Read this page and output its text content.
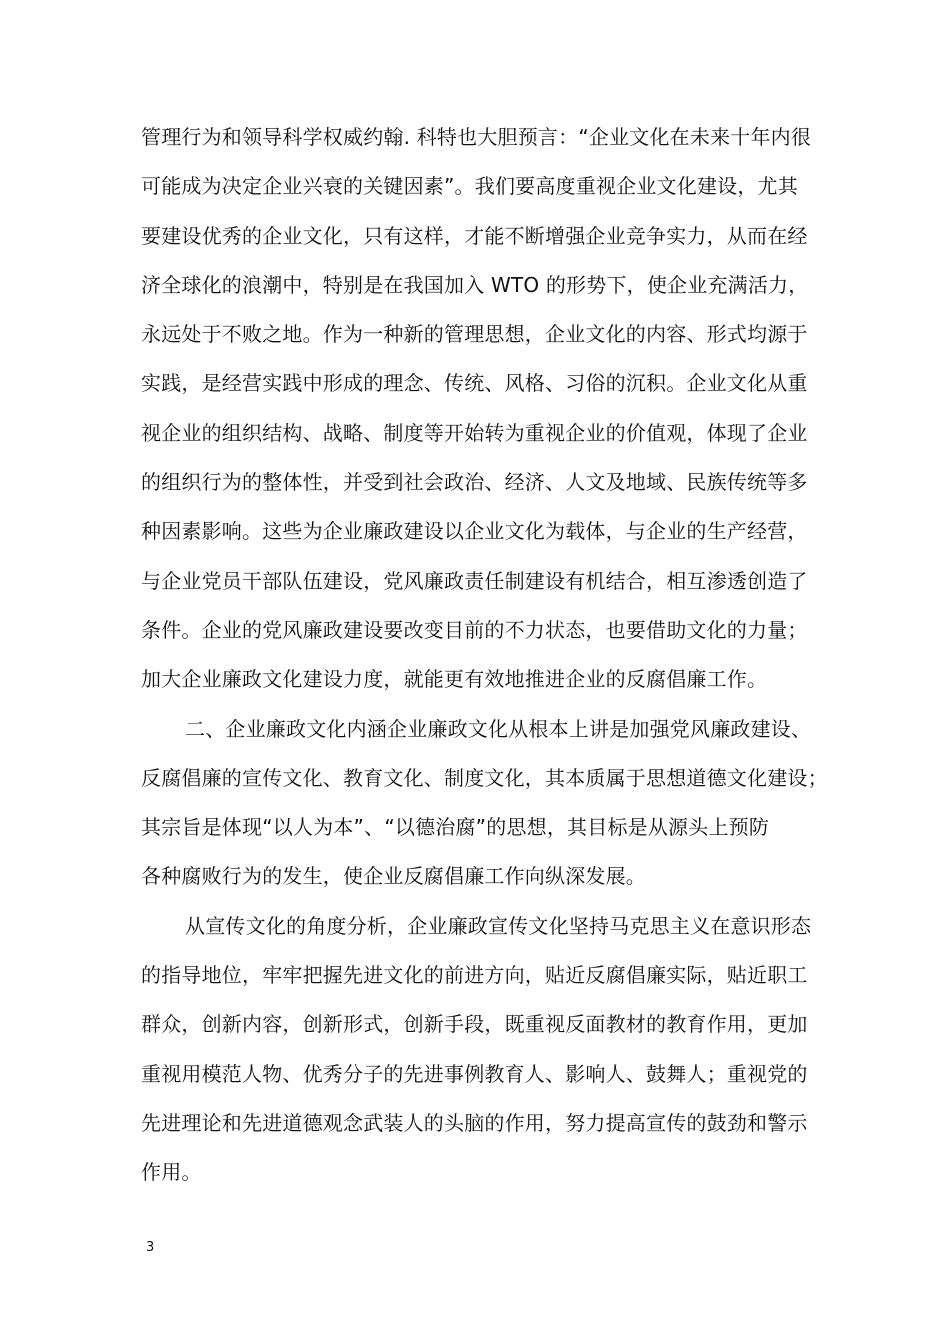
管理行为和领导科学权威约翰. 科特也大胆预言：“企业文化在未来十年内很
可能成为决定企业兴衰的关键因素”。我们要高度重视企业文化建设，尤其
要建设优秀的企业文化，只有这样，才能不断增强企业竞争实力，从而在经
济全球化的浪潮中，特别是在我国加入 WTO 的形势下，使企业充满活力，
永远处于不败之地。作为一种新的管理思想，企业文化的内容、形式均源于
实践，是经营实践中形成的理念、传统、风格、习俗的沉积。企业文化从重
视企业的组织结构、战略、制度等开始转为重视企业的价值观，体现了企业
的组织行为的整体性，并受到社会政治、经济、人文及地域、民族传统等多
种因素影响。这些为企业廉政建设以企业文化为载体，与企业的生产经营，
与企业党员干部队伍建设，党风廉政责任制建设有机结合，相互渗透创造了
条件。企业的党风廉政建设要改变目前的不力状态，也要借助文化的力量；
加大企业廉政文化建设力度，就能更有效地推进企业的反腐倡廉工作。
二、企业廉政文化内涵企业廉政文化从根本上讲是加强党风廉政建设、
反腐倡廉的宣传文化、教育文化、制度文化，其本质属于思想道德文化建设；
其宗旨是体现“以人为本”、“以德治腐”的思想，其目标是从源头上预防
各种腐败行为的发生，使企业反腐倡廉工作向纵深发展。
从宣传文化的角度分析，企业廉政宣传文化坚持马克思主义在意识形态
的指导地位，牢牢把握先进文化的前进方向，贴近反腐倡廉实际，贴近职工
群众，创新内容，创新形式，创新手段，既重视反面教材的教育作用，更加
重视用模范人物、优秀分子的先进事例教育人、影响人、鼓舞人；重视党的
先进理论和先进道德观念武装人的头脑的作用，努力提高宣传的鼓劲和警示
作用。
3
